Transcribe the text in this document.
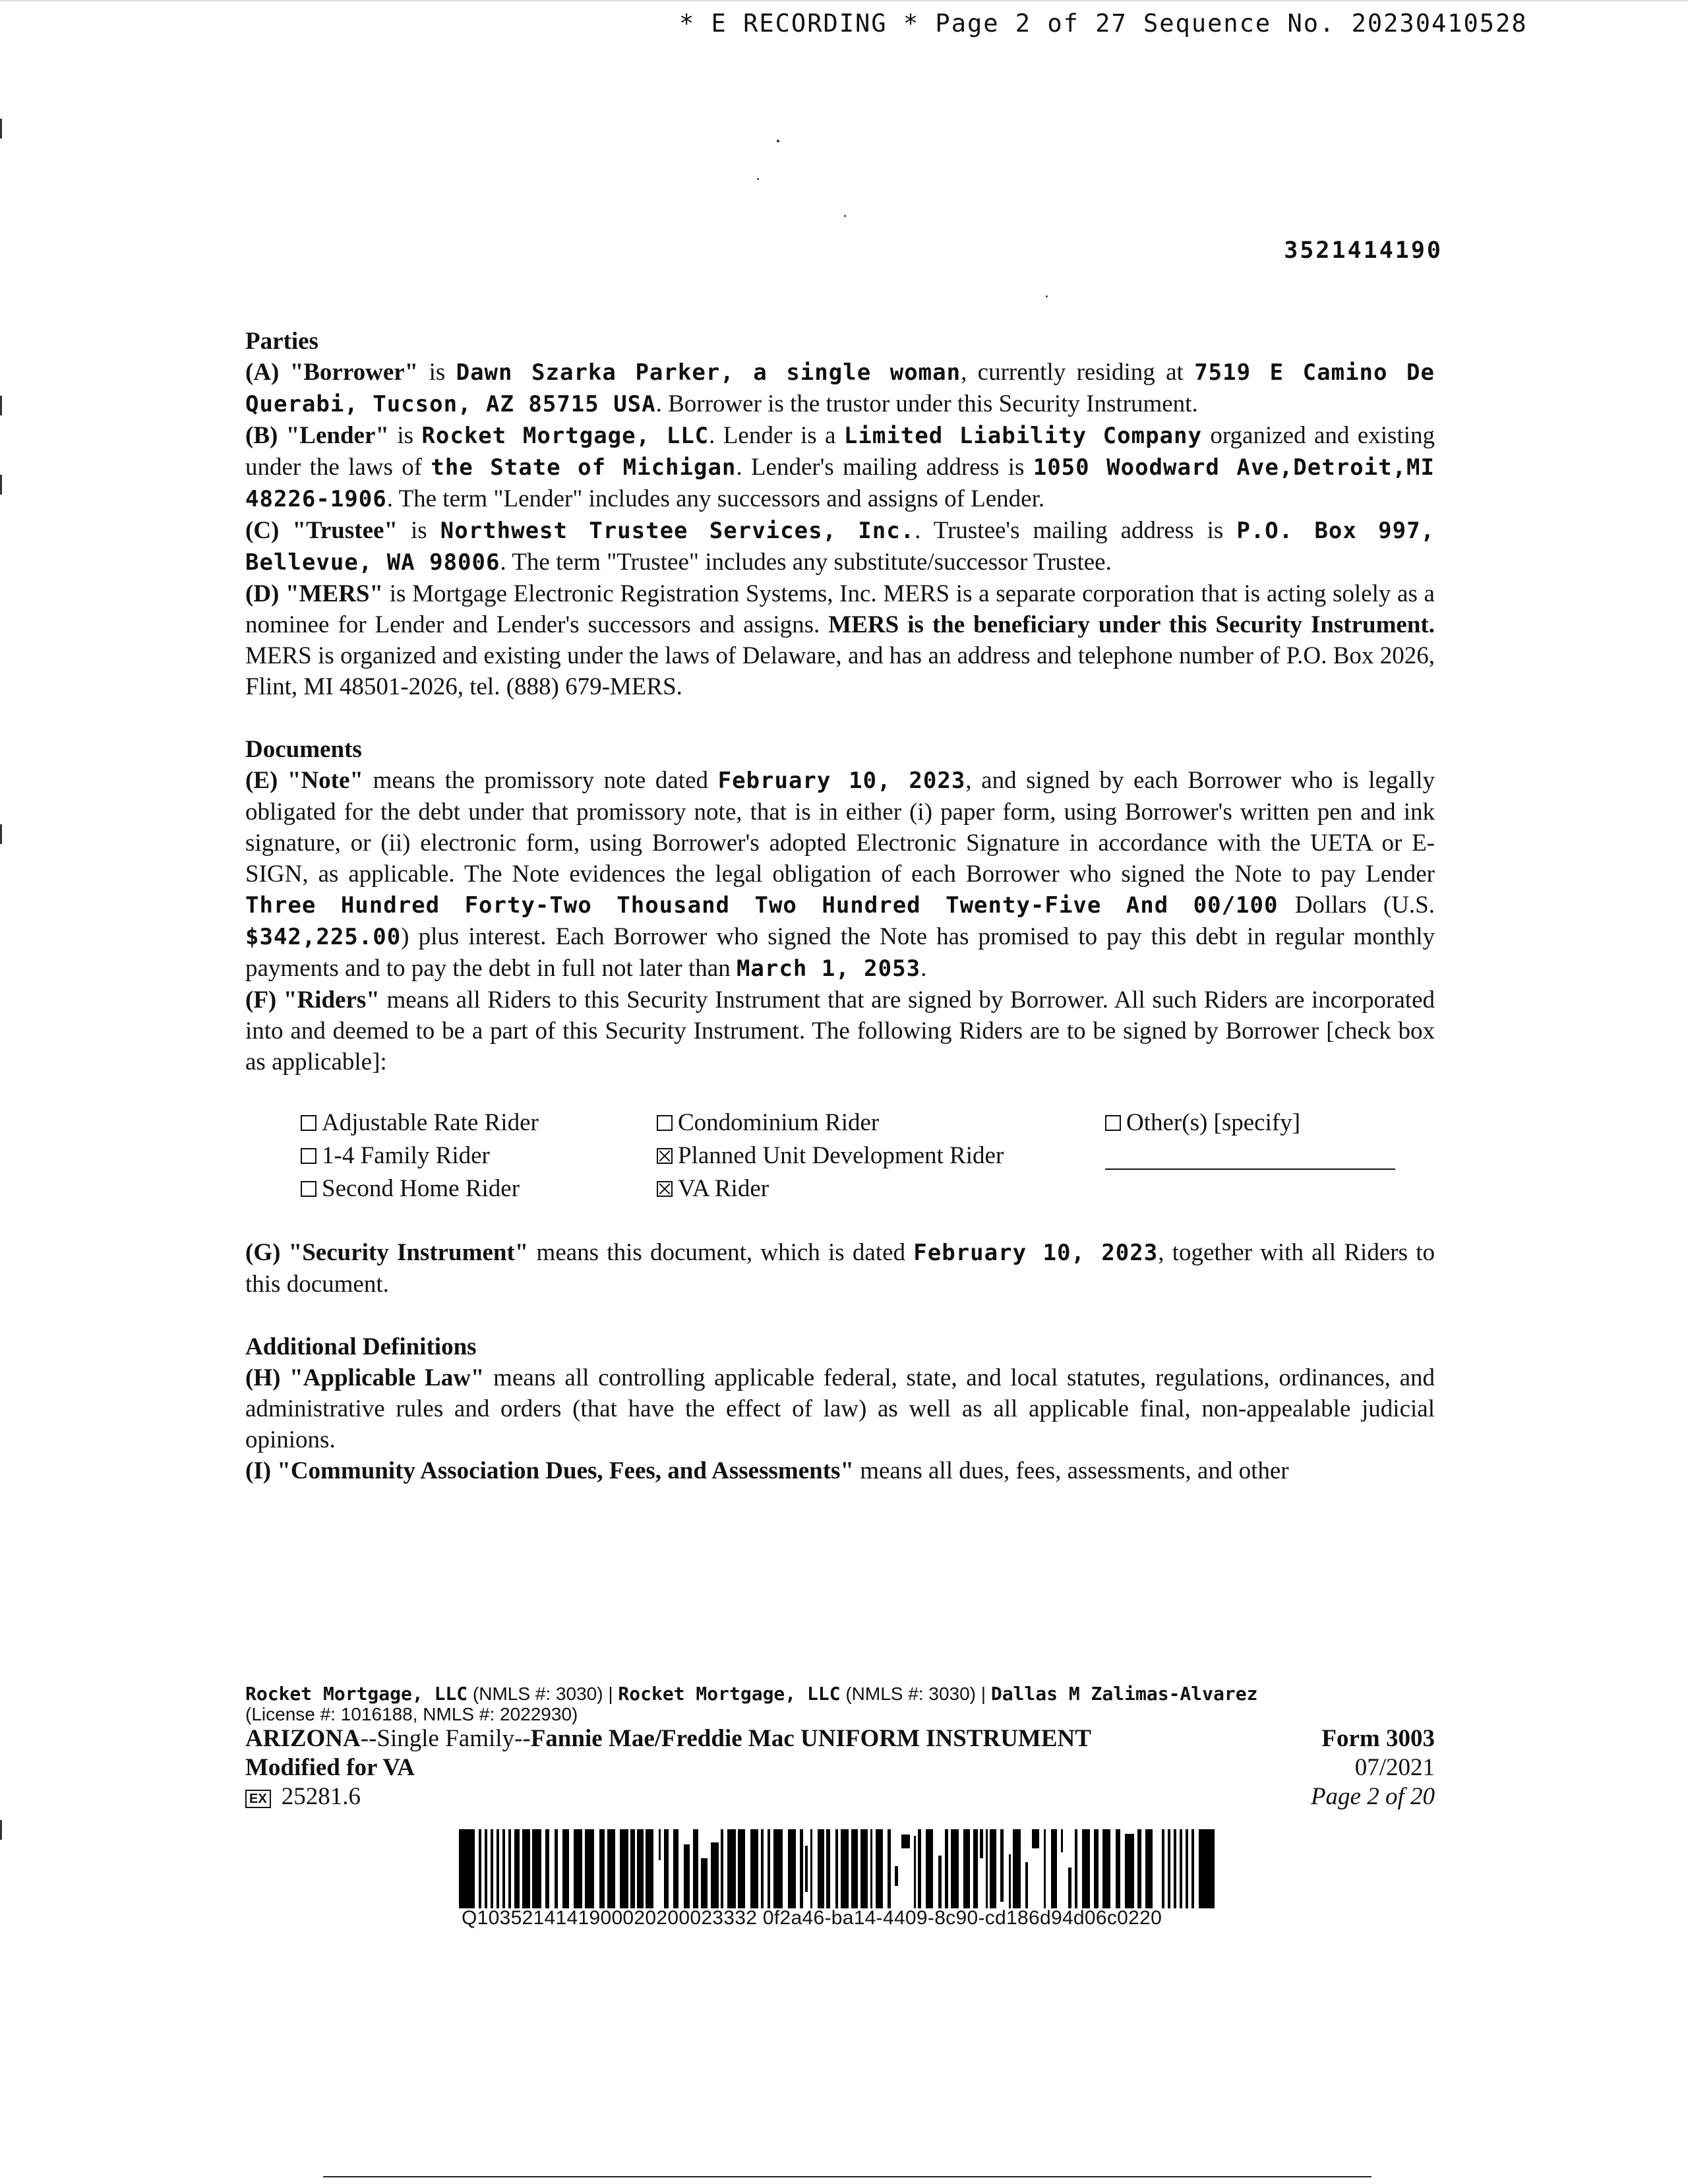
* E RECORDING * Page 2 of 27 Sequence No. 20230410528
3521414190

Parties

(A) "Borrower" is Dawn Szarka Parker, a single woman, currently residing at 7519 E Camino De Querabi, Tucson, AZ 85715 USA. Borrower is the trustor under this Security Instrument.

(B) "Lender" is Rocket Mortgage, LLC. Lender is a Limited Liability Company organized and existing under the laws of the State of Michigan. Lender's mailing address is 1050 Woodward Ave,Detroit,MI 48226-1906. The term "Lender" includes any successors and assigns of Lender.

(C) "Trustee" is Northwest Trustee Services, Inc.. Trustee's mailing address is P.O. Box 997, Bellevue, WA 98006. The term "Trustee" includes any substitute/successor Trustee.

(D) "MERS" is Mortgage Electronic Registration Systems, Inc. MERS is a separate corporation that is acting solely as a nominee for Lender and Lender's successors and assigns. MERS is the beneficiary under this Security Instrument. MERS is organized and existing under the laws of Delaware, and has an address and telephone number of P.O. Box 2026, Flint, MI 48501-2026, tel. (888) 679-MERS.

Documents

(E) "Note" means the promissory note dated February 10, 2023, and signed by each Borrower who is legally obligated for the debt under that promissory note, that is in either (i) paper form, using Borrower's written pen and ink signature, or (ii) electronic form, using Borrower's adopted Electronic Signature in accordance with the UETA or E-SIGN, as applicable. The Note evidences the legal obligation of each Borrower who signed the Note to pay Lender Three Hundred Forty-Two Thousand Two Hundred Twenty-Five And 00/100 Dollars (U.S. $342,225.00) plus interest. Each Borrower who signed the Note has promised to pay this debt in regular monthly payments and to pay the debt in full not later than March 1, 2053.

(F) "Riders" means all Riders to this Security Instrument that are signed by Borrower. All such Riders are incorporated into and deemed to be a part of this Security Instrument. The following Riders are to be signed by Borrower [check box as applicable]:

Adjustable Rate Rider	Condominium Rider	Other(s) [specify]
1-4 Family Rider	Planned Unit Development Rider
Second Home Rider	VA Rider

(G) "Security Instrument" means this document, which is dated February 10, 2023, together with all Riders to this document.

Additional Definitions

(H) "Applicable Law" means all controlling applicable federal, state, and local statutes, regulations, ordinances, and administrative rules and orders (that have the effect of law) as well as all applicable final, non-appealable judicial opinions.

(I) "Community Association Dues, Fees, and Assessments" means all dues, fees, assessments, and other

Rocket Mortgage, LLC (NMLS #: 3030) | Rocket Mortgage, LLC (NMLS #: 3030) | Dallas M Zalimas-Alvarez
(License #: 1016188, NMLS #: 2022930)
ARIZONA--Single Family--Fannie Mae/Freddie Mac UNIFORM INSTRUMENT	Form 3003
Modified for VA	07/2021
EX 25281.6	Page 2 of 20
Q1035214141900020200023332 0f2a46-ba14-4409-8c90-cd186d94d06c0220
